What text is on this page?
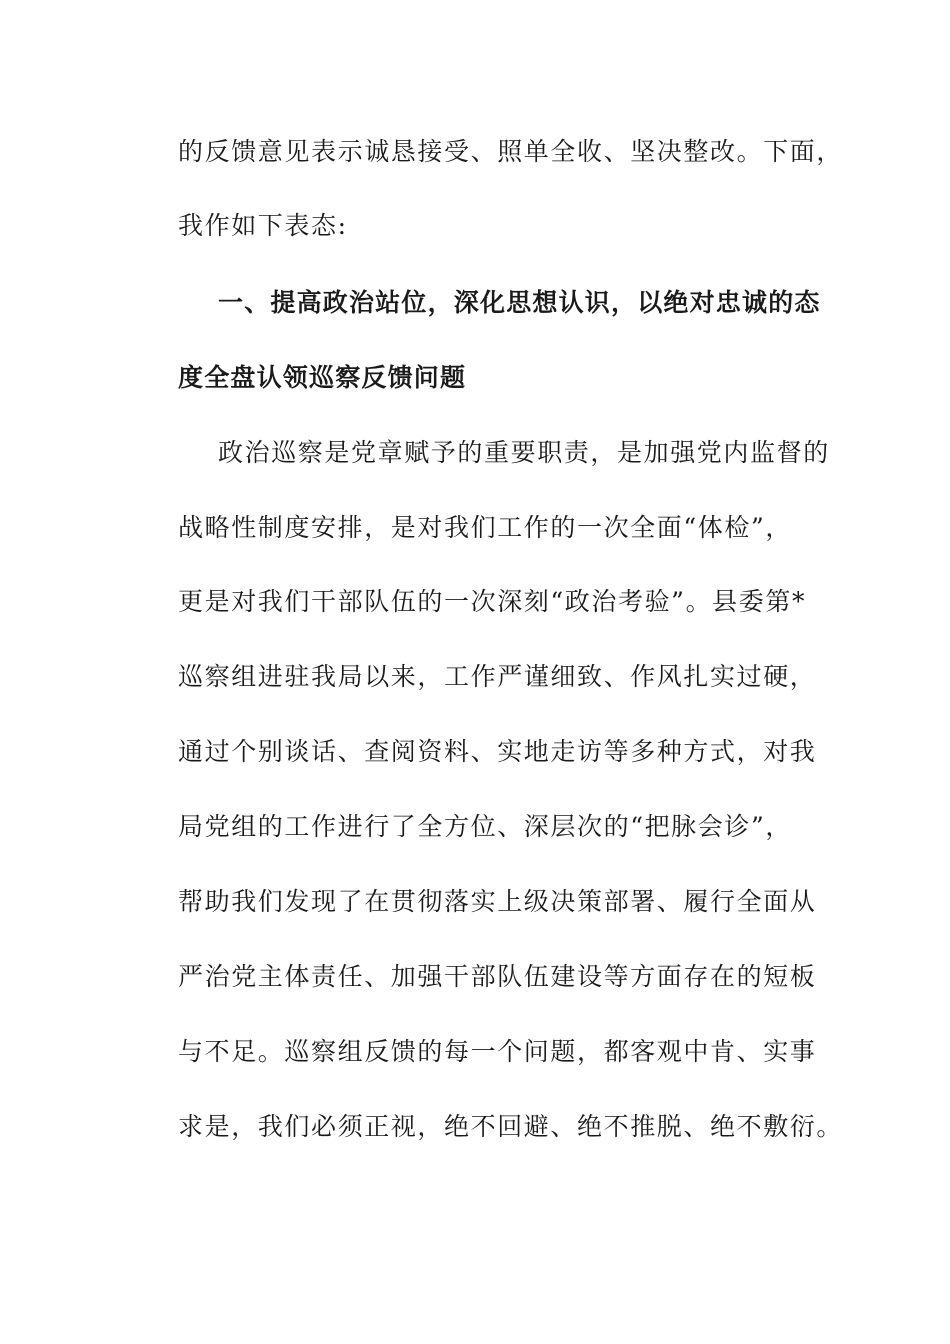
的反馈意见表示诚恳接受、照单全收、坚决整改。下面，
我作如下表态:
一、提高政治站位，深化思想认识，以绝对忠诚的态
度全盘认领巡察反馈问题
政治巡察是党章赋予的重要职责，是加强党内监督的
战略性制度安排，是对我们工作的一次全面“体检”，
更是对我们干部队伍的一次深刻“政治考验”。县委第*
巡察组进驻我局以来，工作严谨细致、作风扎实过硬，
通过个别谈话、查阅资料、实地走访等多种方式，对我
局党组的工作进行了全方位、深层次的“把脉会诊”，
帮助我们发现了在贯彻落实上级决策部署、履行全面从
严治党主体责任、加强干部队伍建设等方面存在的短板
与不足。巡察组反馈的每一个问题，都客观中肯、实事
求是，我们必须正视，绝不回避、绝不推脱、绝不敷衍。
